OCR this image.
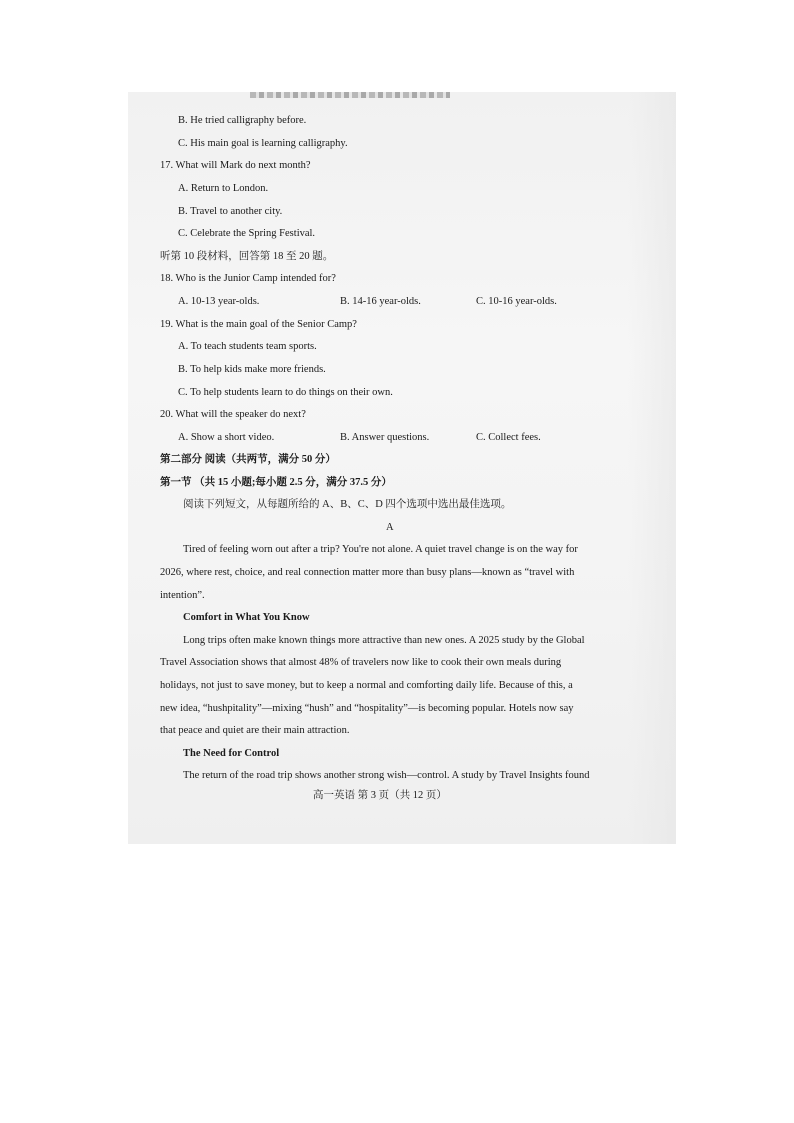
B. He tried calligraphy before.
C. His main goal is learning calligraphy.
17. What will Mark do next month?
A. Return to London.
B. Travel to another city.
C. Celebrate the Spring Festival.
听第 10 段材料，回答第 18 至 20 题。
18. Who is the Junior Camp intended for?
A. 10-13 year-olds.	B. 14-16 year-olds.	C. 10-16 year-olds.
19. What is the main goal of the Senior Camp?
A. To teach students team sports.
B. To help kids make more friends.
C. To help students learn to do things on their own.
20. What will the speaker do next?
A. Show a short video.	B. Answer questions.	C. Collect fees.
第二部分 阅读（共两节，满分 50 分）
第一节 （共 15 小题;每小题 2.5 分，满分 37.5 分）
阅读下列短文，从每题所给的 A、B、C、D 四个选项中选出最佳选项。
A
Tired of feeling worn out after a trip? You're not alone. A quiet travel change is on the way for
2026, where rest, choice, and real connection matter more than busy plans—known as “travel with
intention”.
Comfort in What You Know
Long trips often make known things more attractive than new ones. A 2025 study by the Global
Travel Association shows that almost 48% of travelers now like to cook their own meals during
holidays, not just to save money, but to keep a normal and comforting daily life. Because of this, a
new idea, “hushpitality”—mixing “hush” and “hospitality”—is becoming popular. Hotels now say
that peace and quiet are their main attraction.
The Need for Control
The return of the road trip shows another strong wish—control. A study by Travel Insights found
高一英语 第 3 页（共 12 页）
